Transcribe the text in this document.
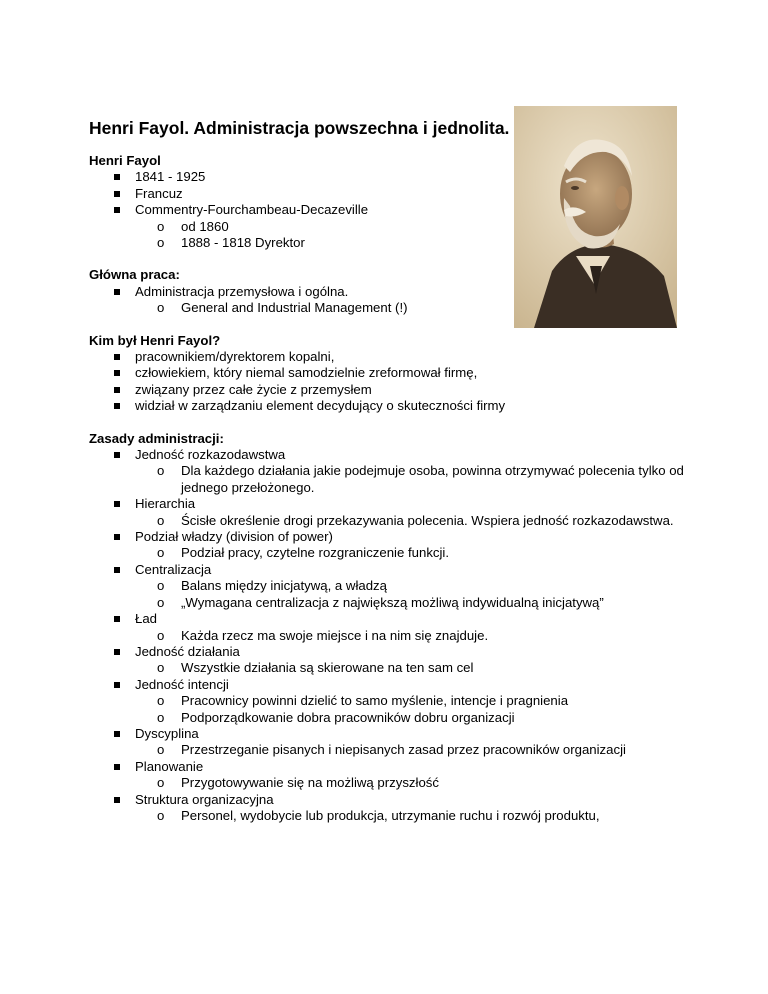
Henri Fayol. Administracja powszechna i jednolita.
Henri Fayol
1841 - 1925
Francuz
Commentry-Fourchambeau-Decazeville
o od 1860
o 1888 - 1818 Dyrektor
Główna praca:
Administracja przemysłowa i ogólna.
o General and Industrial Management (!)
Kim był Henri Fayol?
pracownikiem/dyrektorem kopalni,
człowiekiem, który niemal samodzielnie zreformował firmę,
związany przez całe życie z przemysłem
widział w zarządzaniu element decydujący o skuteczności firmy
Zasady administracji:
Jedność rozkazodawstwa
o Dla każdego działania jakie podejmuje osoba, powinna otrzymywać polecenia tylko od jednego przełożonego.
Hierarchia
o Ścisłe określenie drogi przekazywania polecenia. Wspiera jedność rozkazodawstwa.
Podział władzy (division of power)
o Podział pracy, czytelne rozgraniczenie funkcji.
Centralizacja
o Balans między inicjatywą, a władzą
o „Wymagana centralizacja z największą możliwą indywidualną inicjatywą”
Ład
o Każda rzecz ma swoje miejsce i na nim się znajduje.
Jedność działania
o Wszystkie działania są skierowane na ten sam cel
Jedność intencji
o Pracownicy powinni dzielić to samo myślenie, intencje i pragnienia
o Podporządkowanie dobra pracowników dobru organizacji
Dyscyplina
o Przestrzeganie pisanych i niepisanych zasad przez pracowników organizacji
Planowanie
o Przygotowywanie się na możliwą przyszłość
Struktura organizacyjna
o Personel, wydobycie lub produkcja, utrzymanie ruchu i rozwój produktu,
